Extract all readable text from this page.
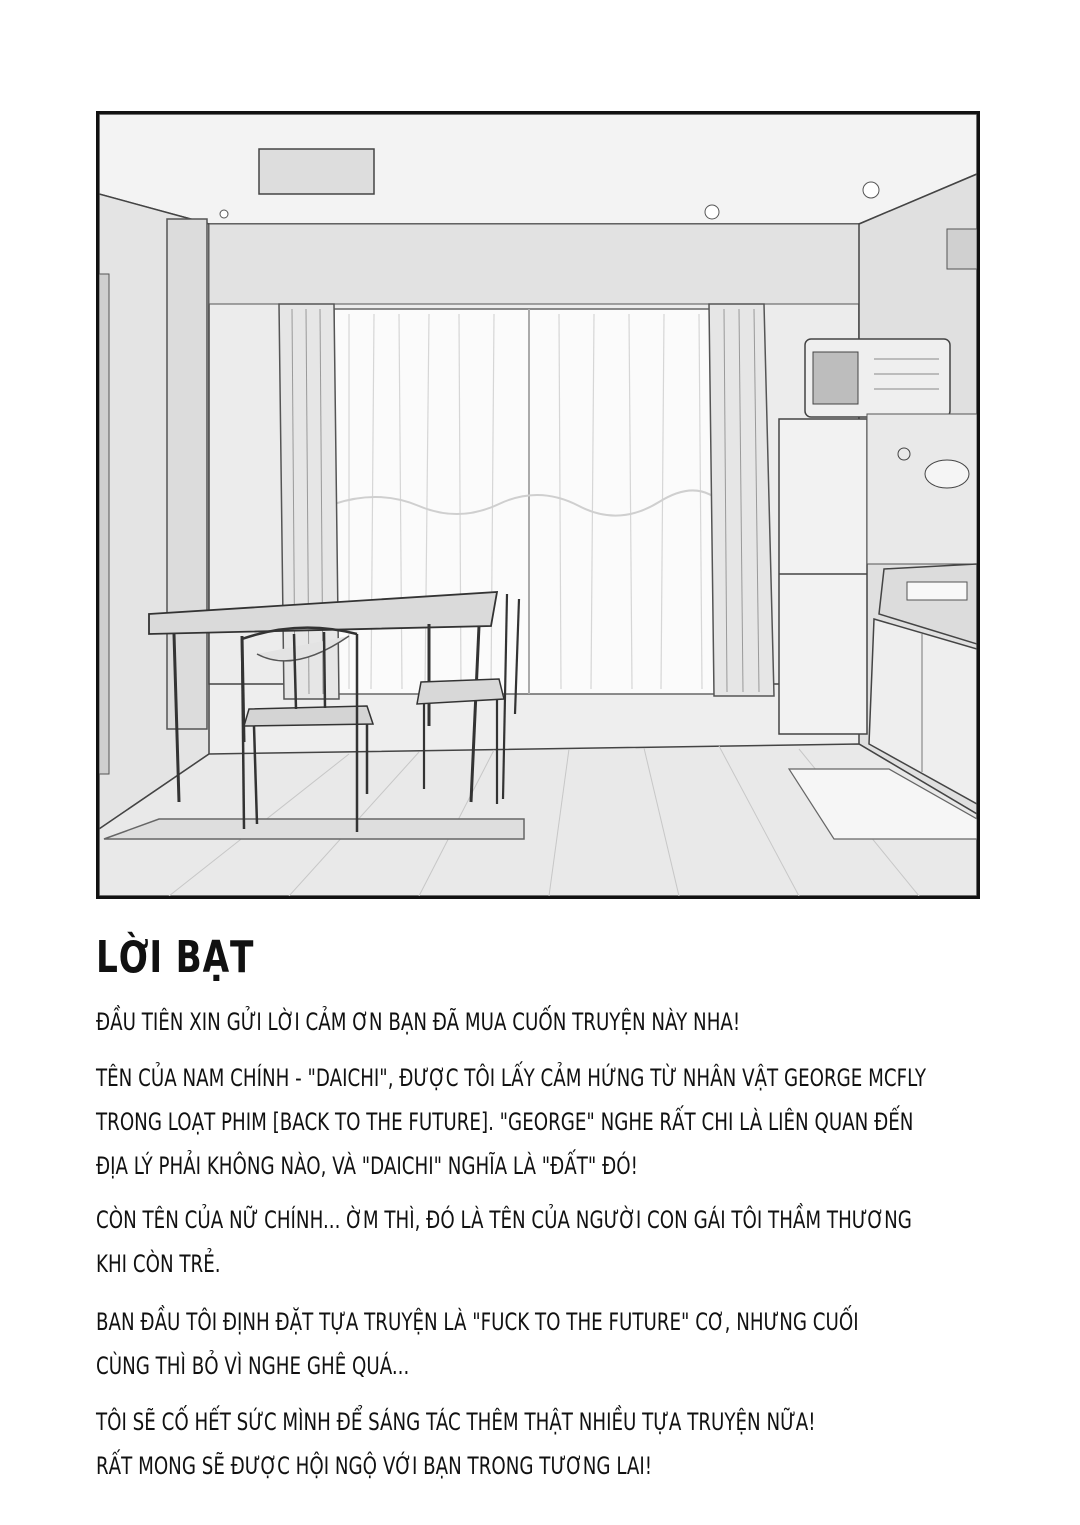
LỜI BẠT

ĐẦU TIÊN XIN GỬI LỜI CẢM ƠN BẠN ĐÃ MUA CUỐN TRUYỆN NÀY NHA!

TÊN CỦA NAM CHÍNH - "DAICHI", ĐƯỢC TÔI LẤY CẢM HỨNG TỪ NHÂN VẬT GEORGE MCFLY
TRONG LOẠT PHIM [BACK TO THE FUTURE]. "GEORGE" NGHE RẤT CHI LÀ LIÊN QUAN ĐẾN
ĐỊA LÝ PHẢI KHÔNG NÀO, VÀ "DAICHI" NGHĨA LÀ "ĐẤT" ĐÓ!

CÒN TÊN CỦA NỮ CHÍNH... ỜM THÌ, ĐÓ LÀ TÊN CỦA NGƯỜI CON GÁI TÔI THẦM THƯƠNG
KHI CÒN TRẺ.

BAN ĐẦU TÔI ĐỊNH ĐẶT TỰA TRUYỆN LÀ "FUCK TO THE FUTURE" CƠ, NHƯNG CUỐI
CÙNG THÌ BỎ VÌ NGHE GHÊ QUÁ...

TÔI SẼ CỐ HẾT SỨC MÌNH ĐỂ SÁNG TÁC THÊM THẬT NHIỀU TỰA TRUYỆN NỮA!
RẤT MONG SẼ ĐƯỢC HỘI NGỘ VỚI BẠN TRONG TƯƠNG LAI!
